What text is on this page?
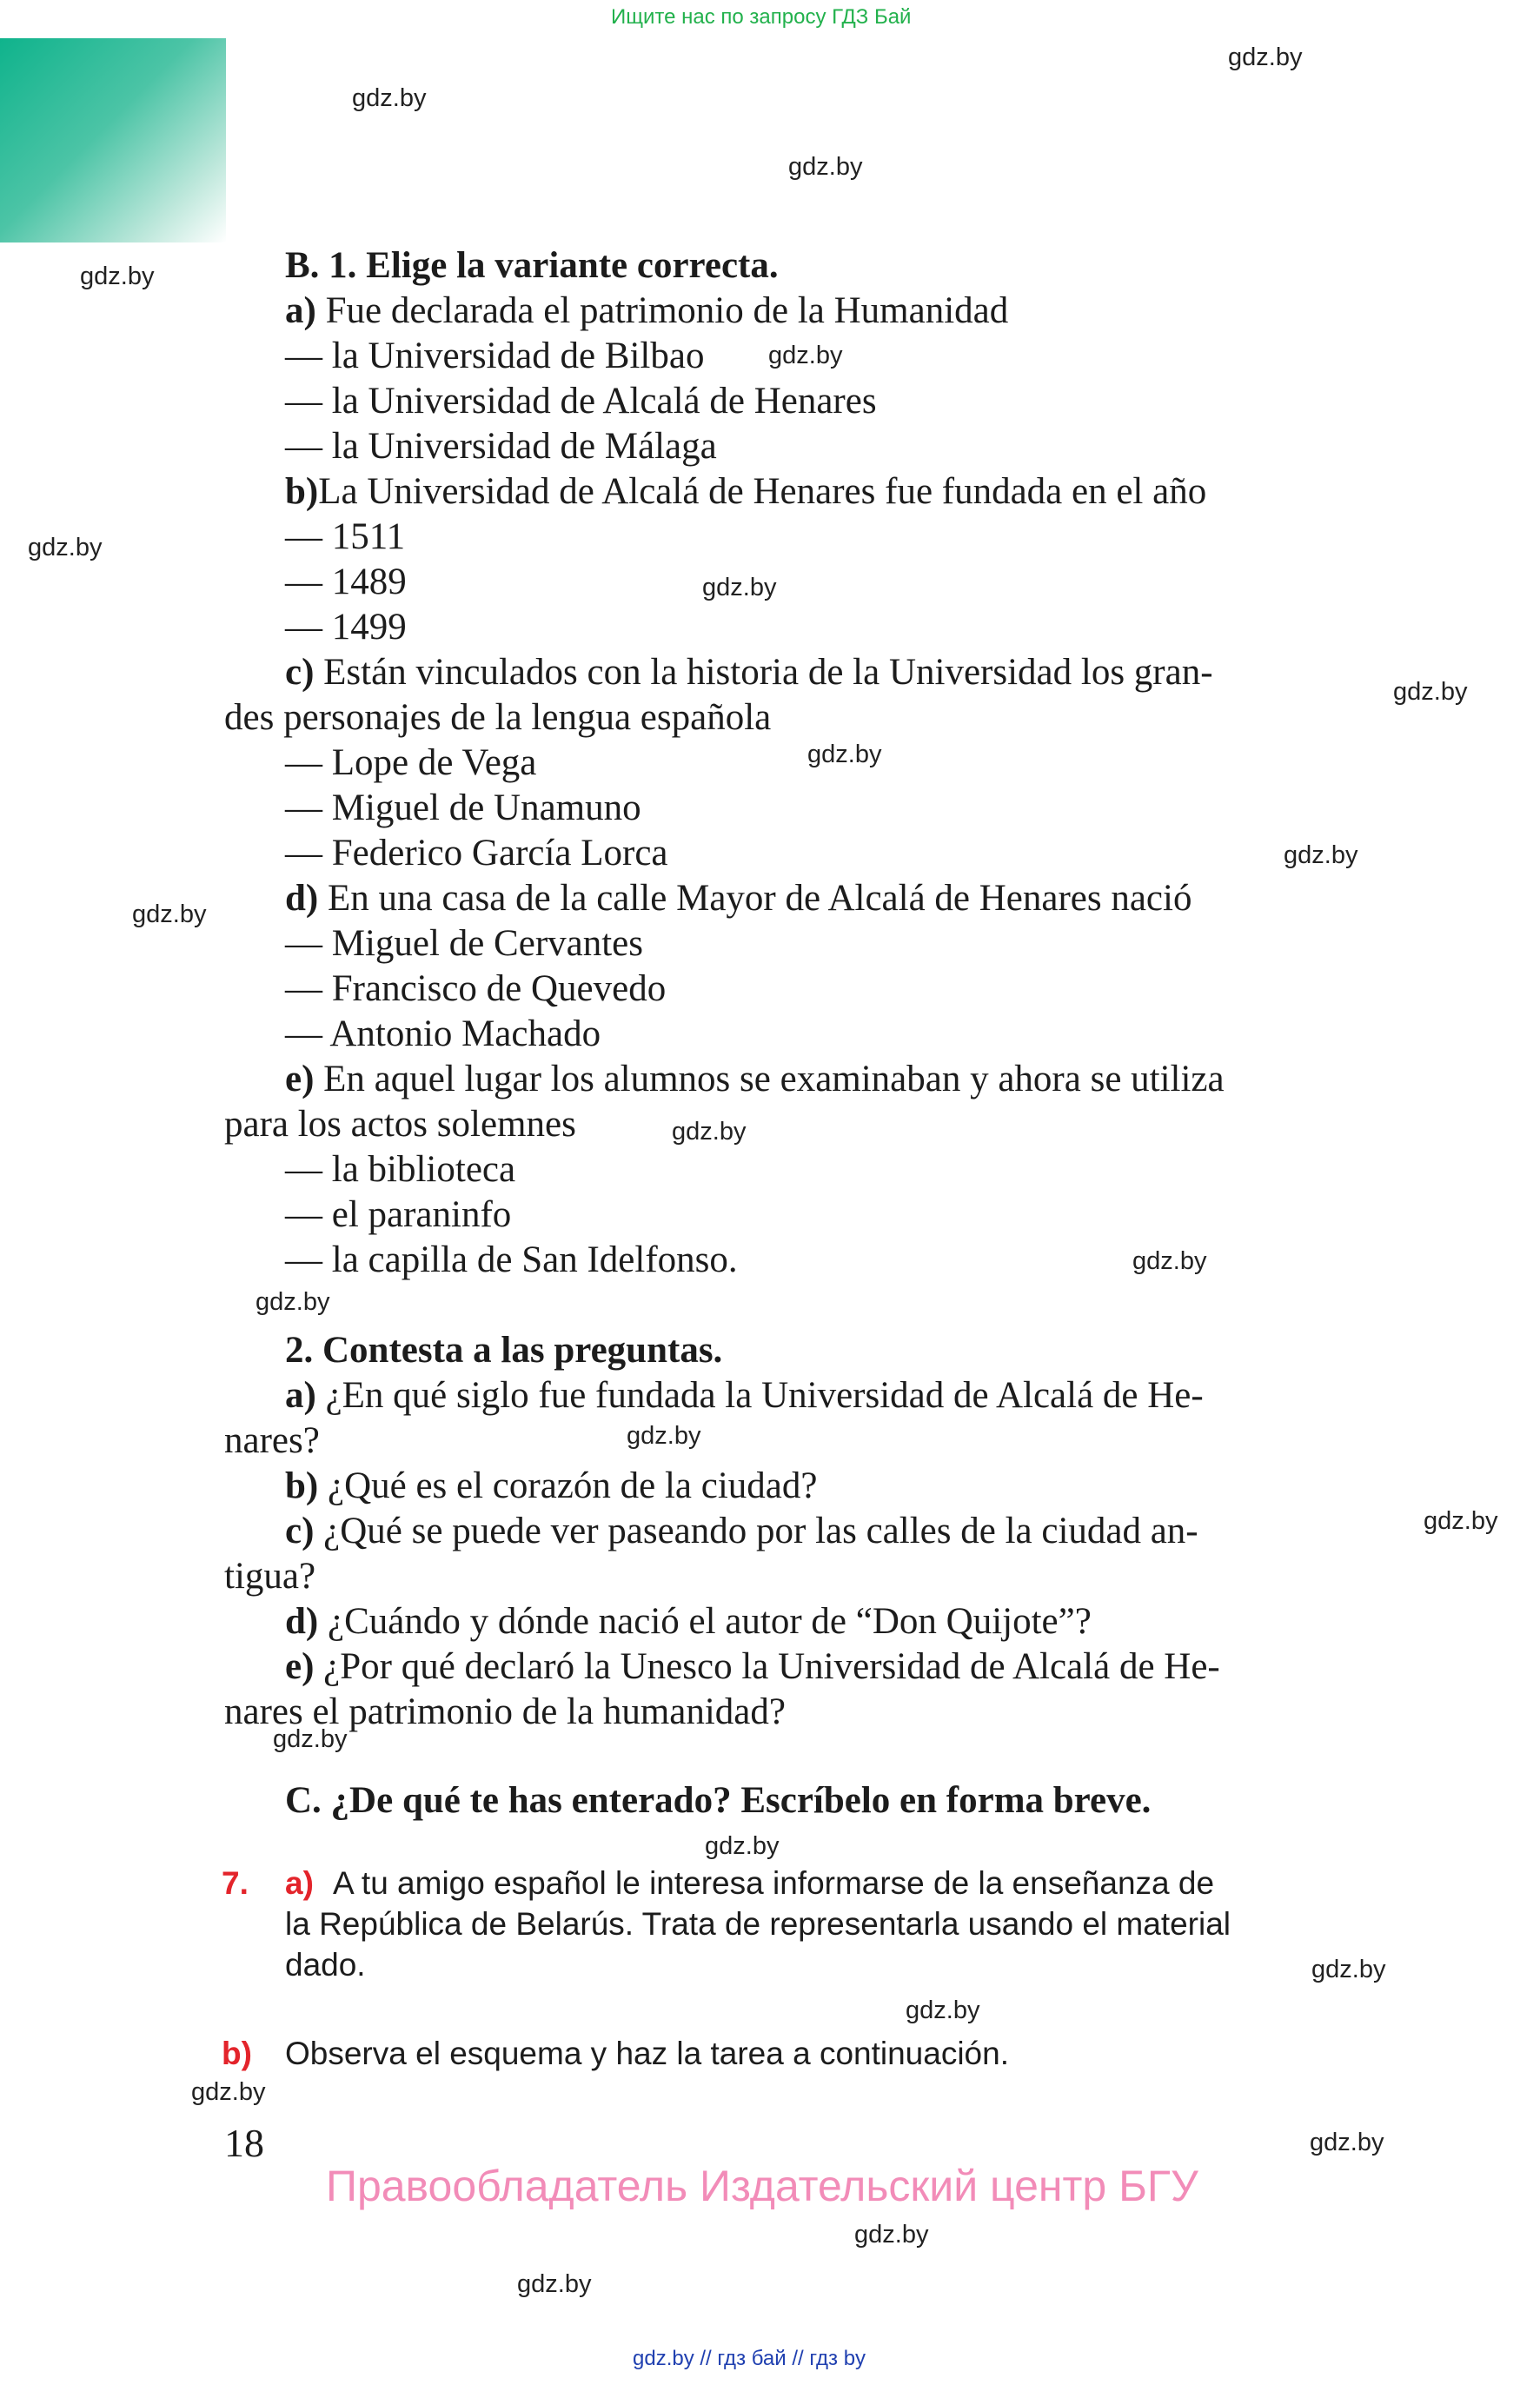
Ищите нас по запросу ГДЗ Бай
gdz.by
gdz.by
gdz.by
gdz.by
gdz.by
gdz.by
gdz.by
gdz.by
gdz.by
gdz.by
gdz.by
gdz.by
gdz.by
gdz.by
gdz.by
gdz.by
gdz.by
gdz.by
gdz.by
gdz.by
gdz.by
gdz.by
gdz.by
gdz.by
B. 1. Elige la variante correcta.
a) Fue declarada el patrimonio de la Humanidad
— la Universidad de Bilbao
— la Universidad de Alcalá de Henares
— la Universidad de Málaga
b)La Universidad de Alcalá de Henares fue fundada en el año
— 1511
— 1489
— 1499
c) Están vinculados con la historia de la Universidad los gran-
des personajes de la lengua española
— Lope de Vega
— Miguel de Unamuno
— Federico García Lorca
d) En una casa de la calle Mayor de Alcalá de Henares nació
— Miguel de Cervantes
— Francisco de Quevedo
— Antonio Machado
e) En aquel lugar los alumnos se examinaban y ahora se utiliza
para los actos solemnes
— la biblioteca
— el paraninfo
— la capilla de San Idelfonso.
2. Contesta a las preguntas.
a) ¿En qué siglo fue fundada la Universidad de Alcalá de He-
nares?
b) ¿Qué es el corazón de la ciudad?
c) ¿Qué se puede ver paseando por las calles de la ciudad an-
tigua?
d) ¿Cuándo y dónde nació el autor de “Don Quijote”?
e) ¿Por qué declaró la Unesco la Universidad de Alcalá de He-
nares el patrimonio de la humanidad?
C. ¿De qué te has enterado? Escríbelo en forma breve.
7. a) A tu amigo español le interesa informarse de la enseñanza de
la República de Belarús. Trata de representarla usando el material
dado.
b) Observa el esquema y haz la tarea a continuación.
18
Правообладатель Издательский центр БГУ
gdz.by // гдз бай // гдз by
